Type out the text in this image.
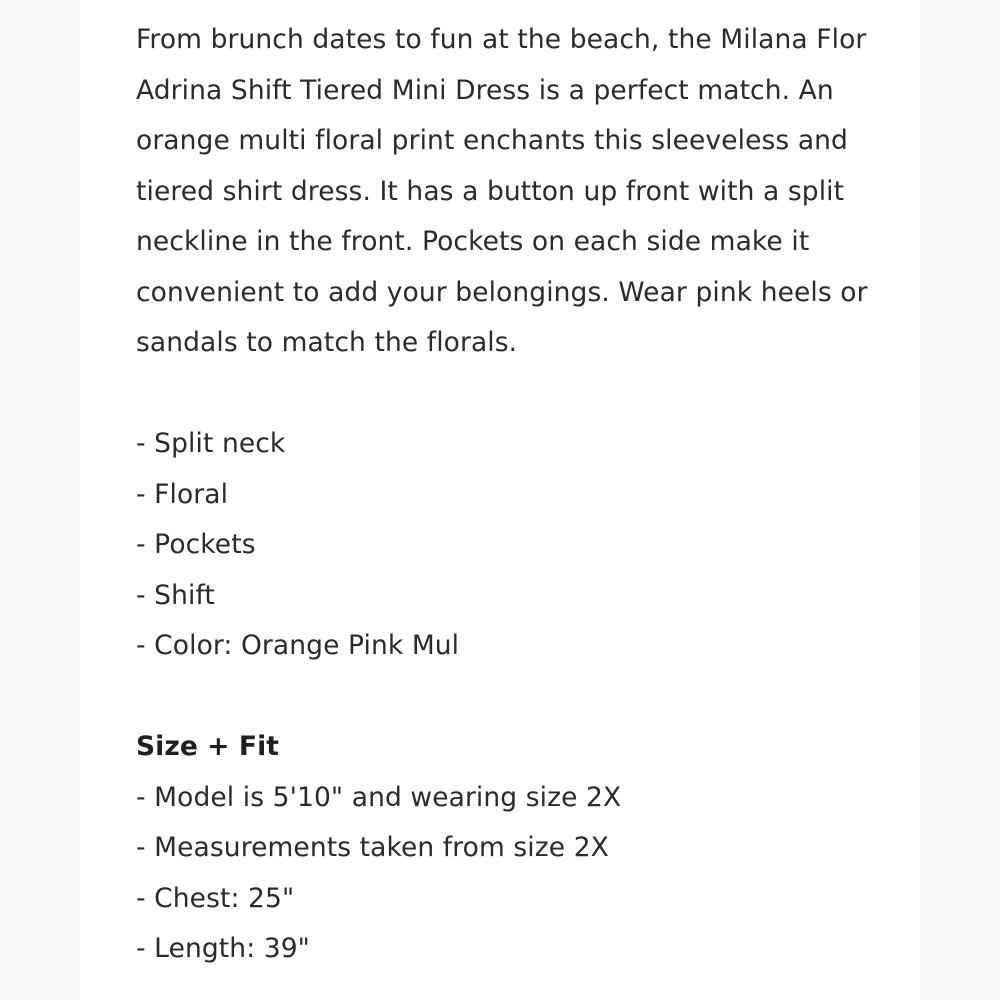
From brunch dates to fun at the beach, the Milana Flor
Adrina Shift Tiered Mini Dress is a perfect match. An
orange multi floral print enchants this sleeveless and
tiered shirt dress. It has a button up front with a split
neckline in the front. Pockets on each side make it
convenient to add your belongings. Wear pink heels or
sandals to match the florals.
- Split neck
- Floral
- Pockets
- Shift
- Color: Orange Pink Mul
Size + Fit
- Model is 5'10" and wearing size 2X
- Measurements taken from size 2X
- Chest: 25"
- Length: 39"
